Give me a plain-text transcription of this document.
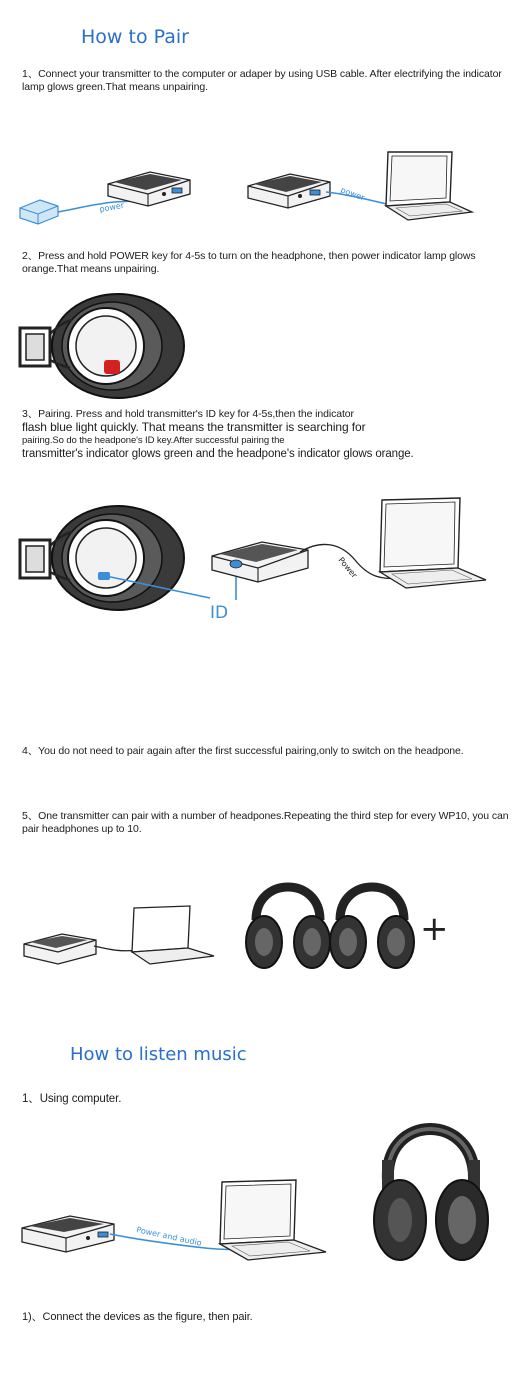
How to Pair

1、Connect your transmitter to the computer or adaper by using USB cable. After electrifying the indicator lamp glows green.That means unpairing.

power
power

2、Press and hold POWER key for 4-5s to turn on the headphone, then power indicator lamp glows orange.That means unpairing.

3、Pairing. Press and hold transmitter's ID key for 4-5s,then the indicator

flash blue light quickly. That means the transmitter is searching for

pairing.So do the headpone's ID key.After successful pairing the

transmitter's indicator glows green and the headpone's indicator glows orange.

ID
Power

4、You do not need to pair again after the first successful pairing,only to switch on the headpone.

5、One transmitter can pair with a number of headpones.Repeating the third step for every WP10, you can pair headphones up to 10.

+
How to listen music

1、Using computer.

Power and audio

1)、Connect the devices as the figure, then pair.
